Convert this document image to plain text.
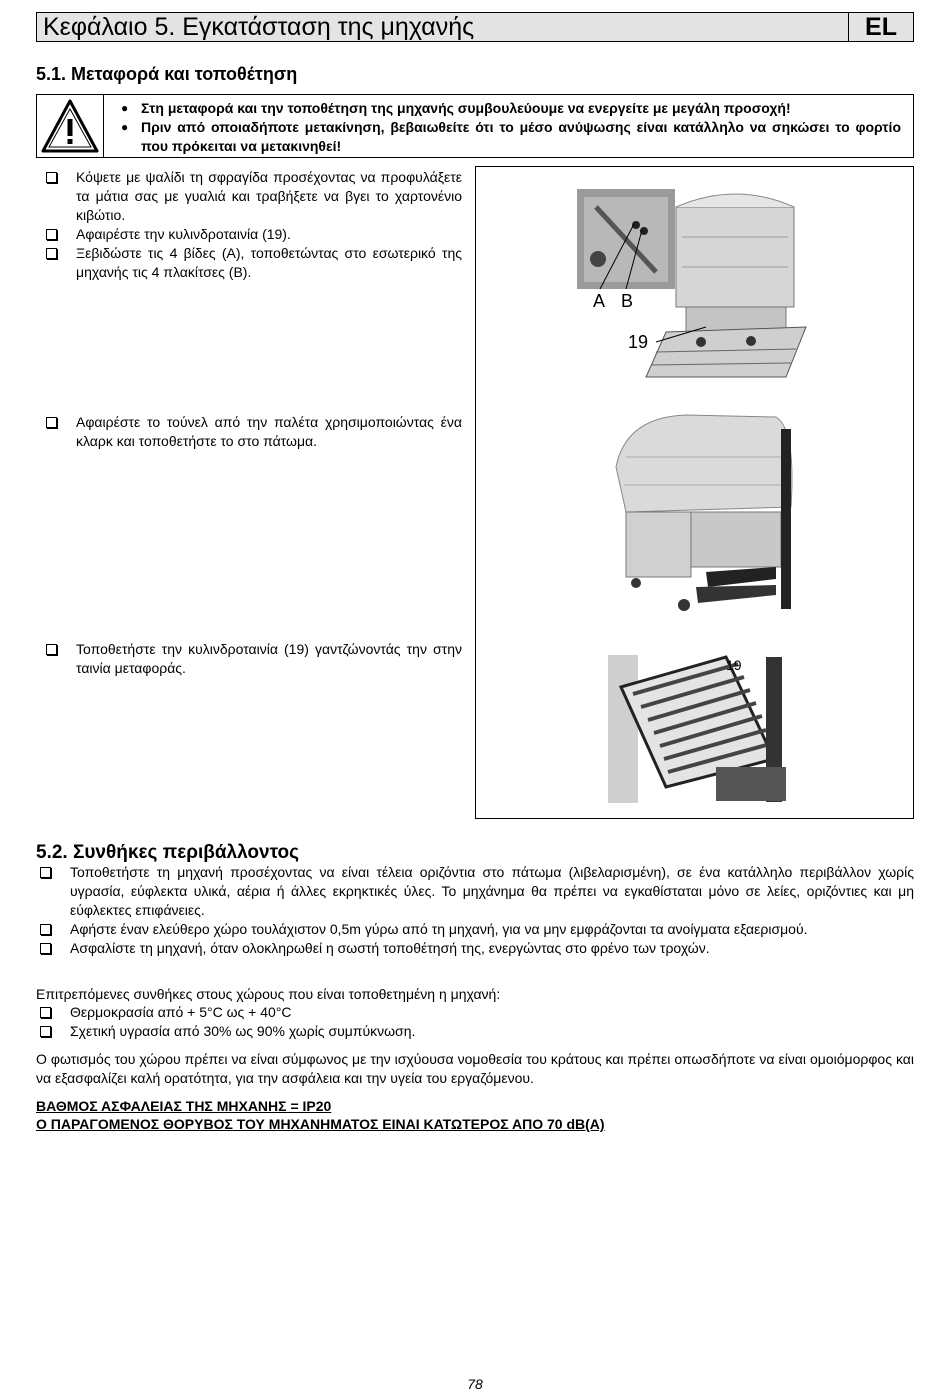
Κεφάλαιο 5. Εγκατάσταση της μηχανής	EL
5.1. Μεταφορά και τοποθέτηση
● Στη μεταφορά και την τοποθέτηση της μηχανής συμβουλεύουμε να ενεργείτε με μεγάλη προσοχή!
● Πριν από οποιαδήποτε μετακίνηση, βεβαιωθείτε ότι το μέσο ανύψωσης είναι κατάλληλο να σηκώσει το φορτίο που πρόκειται να μετακινηθεί!
Κόψετε με ψαλίδι τη σφραγίδα προσέχοντας να προφυλάξετε τα μάτια σας με γυαλιά και τραβήξετε να βγει το χαρτονένιο κιβώτιο.
Αφαιρέστε την κυλινδροταινία (19).
Ξεβιδώστε τις 4 βίδες (A), τοποθετώντας στο εσωτερικό της μηχανής τις 4 πλακίτσες (B).
Αφαιρέστε το τούνελ από την παλέτα χρησιμοποιώντας ένα κλαρκ και τοποθετήστε το στο πάτωμα.
Τοποθετήστε την κυλινδροταινία (19) γαντζώνοντάς την στην ταινία μεταφοράς.
A B
19
19
5.2. Συνθήκες περιβάλλοντος
Τοποθετήστε τη μηχανή προσέχοντας να είναι τέλεια οριζόντια στο πάτωμα (λιβελαρισμένη), σε ένα κατάλληλο περιβάλλον χωρίς υγρασία, εύφλεκτα υλικά, αέρια ή άλλες εκρηκτικές ύλες. Το μηχάνημα θα πρέπει να εγκαθίσταται μόνο σε λείες, οριζόντιες και μη εύφλεκτες επιφάνειες.
Αφήστε έναν ελεύθερο χώρο τουλάχιστον 0,5m γύρω από τη μηχανή, για να μην εμφράζονται τα ανοίγματα εξαερισμού.
Ασφαλίστε τη μηχανή, όταν ολοκληρωθεί η σωστή τοποθέτησή της, ενεργώντας στο φρένο των τροχών.
Επιτρεπόμενες συνθήκες στους χώρους που είναι τοποθετημένη η μηχανή:
Θερμοκρασία από + 5°C ως + 40°C
Σχετική υγρασία από 30% ως 90% χωρίς συμπύκνωση.
Ο φωτισμός του χώρου πρέπει να είναι σύμφωνος με την ισχύουσα νομοθεσία του κράτους και πρέπει οπωσδήποτε να είναι ομοιόμορφος και να εξασφαλίζει καλή ορατότητα, για την ασφάλεια και την υγεία του εργαζόμενου.
ΒΑΘΜΟΣ ΑΣΦΑΛΕΙΑΣ ΤΗΣ ΜΗΧΑΝΗΣ = IP20
Ο ΠΑΡΑΓΟΜΕΝΟΣ ΘΟΡΥΒΟΣ ΤΟΥ ΜΗΧΑΝΗΜΑΤΟΣ ΕΙΝΑΙ ΚΑΤΩΤΕΡΟΣ ΑΠΟ 70 dB(A)
78
